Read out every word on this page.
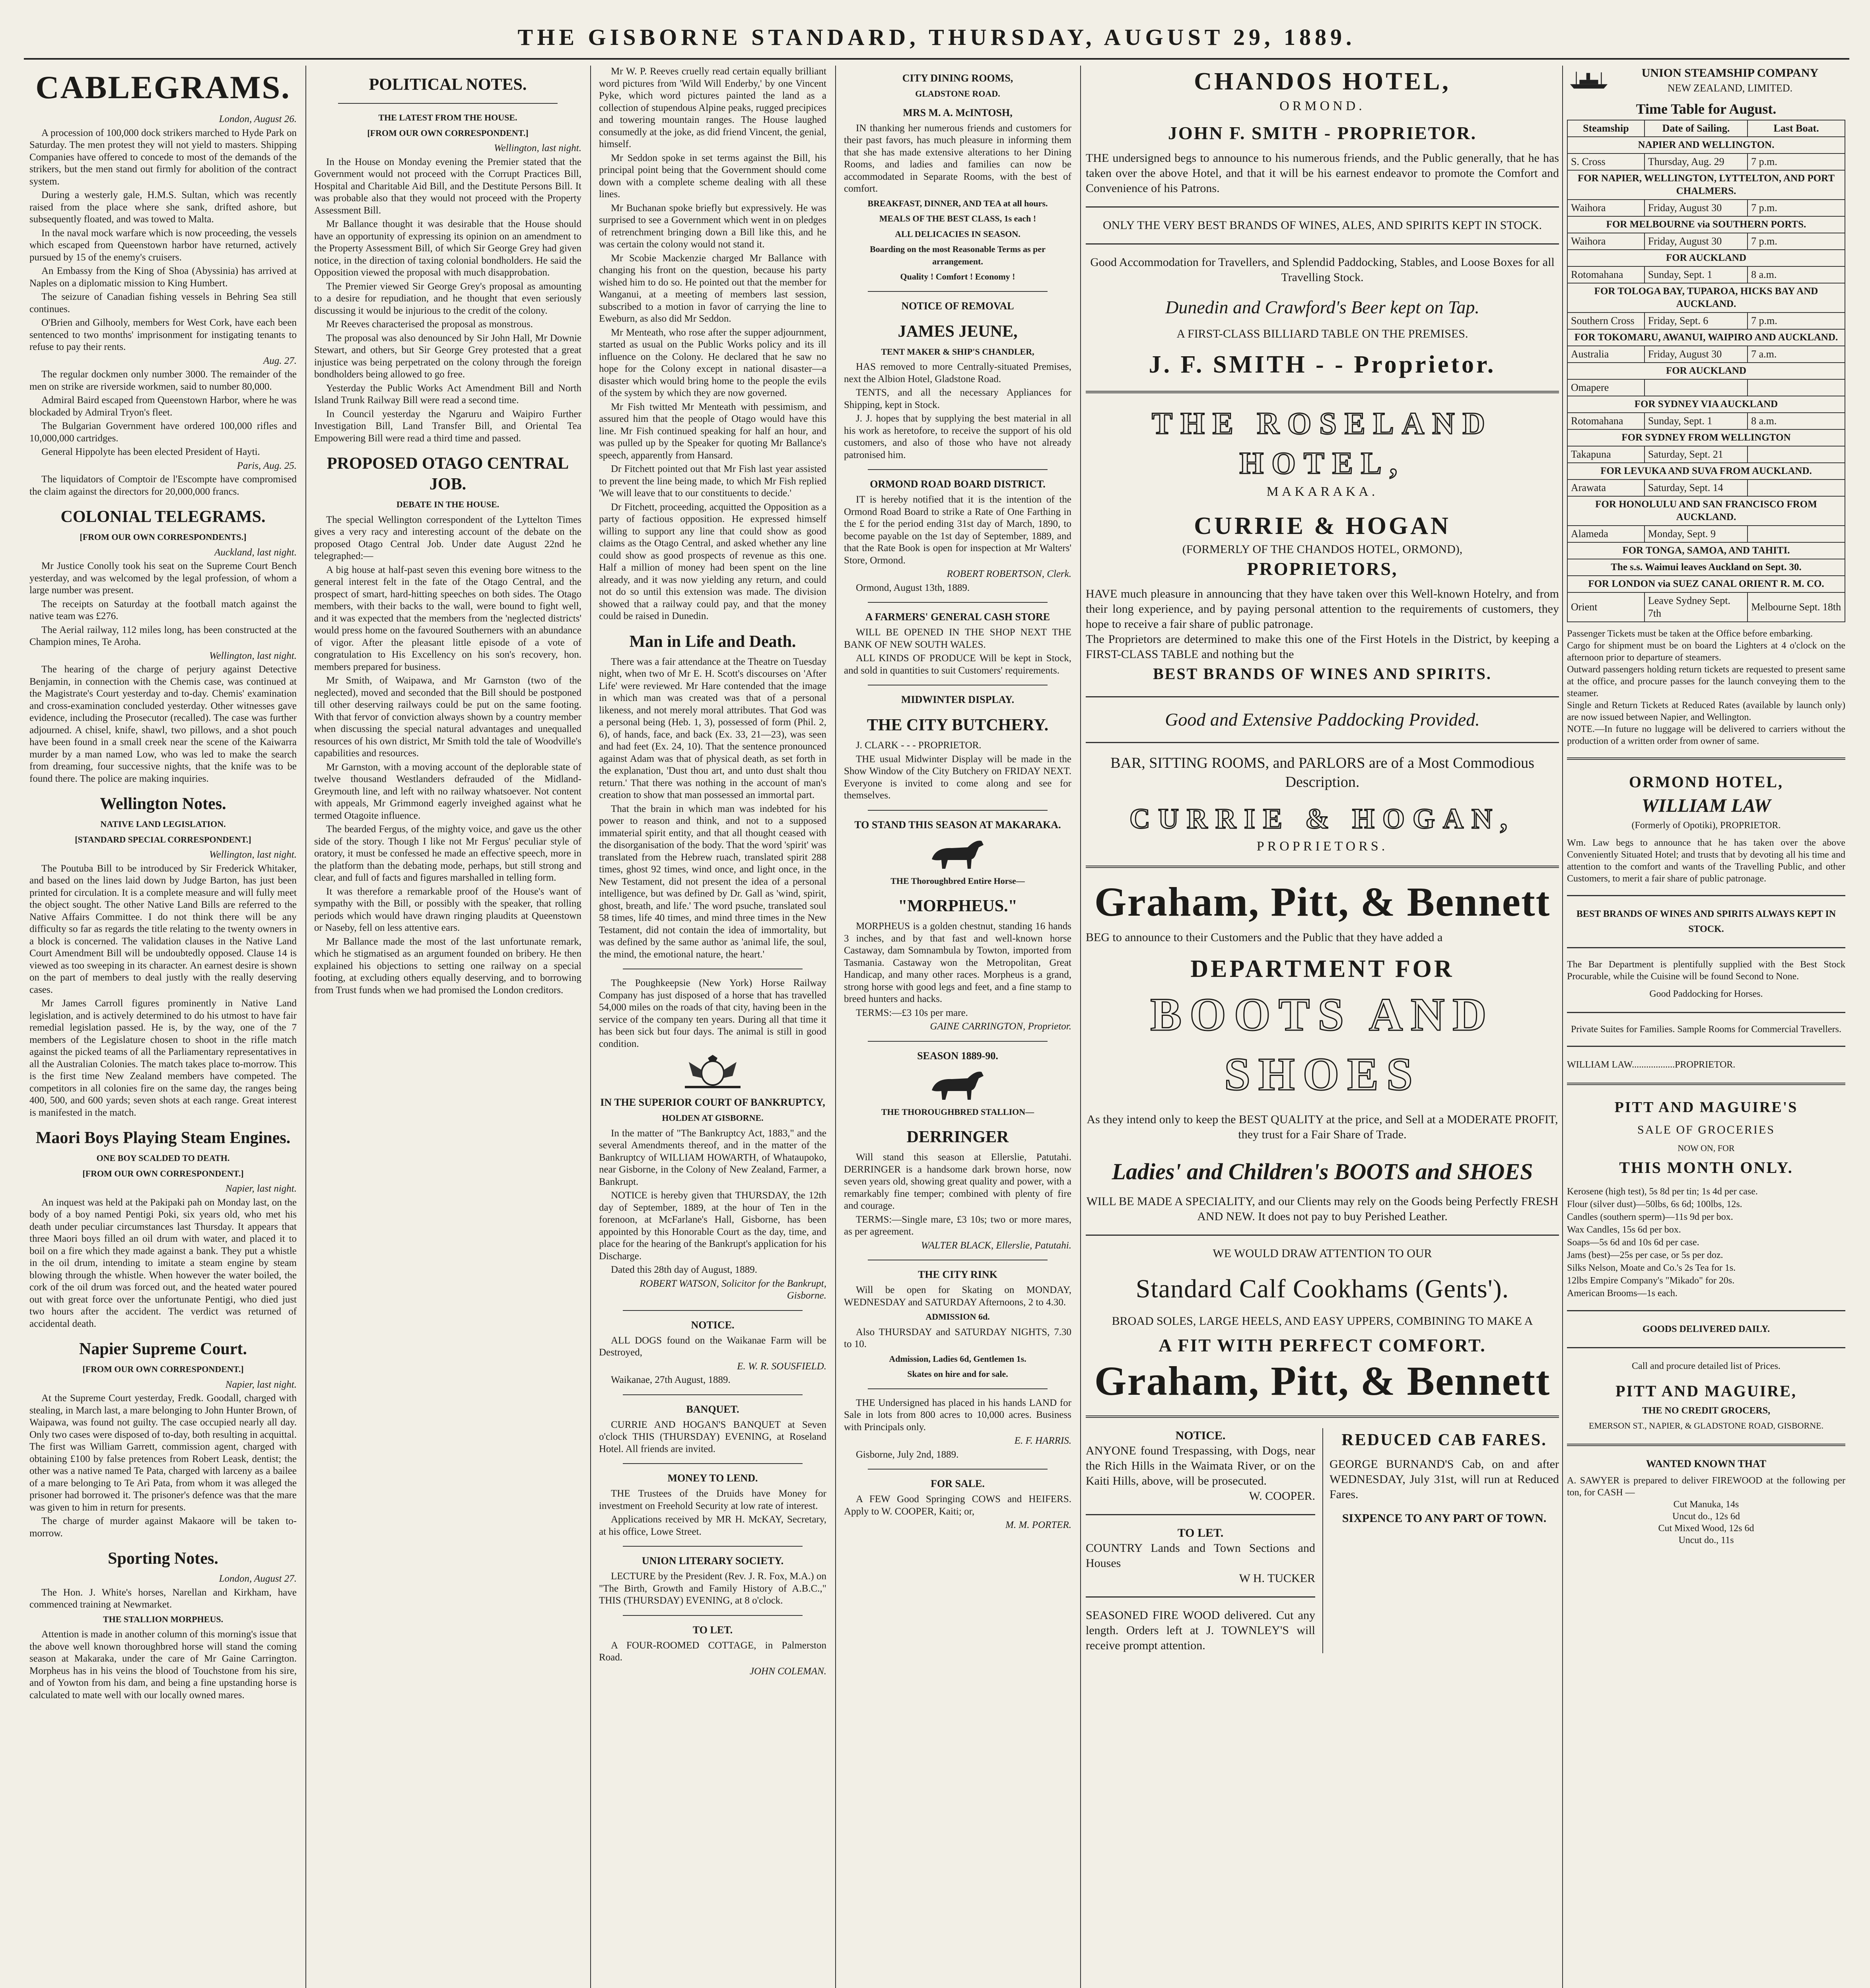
THE GISBORNE STANDARD, THURSDAY, AUGUST 29, 1889.
CABLEGRAMS.

London, August 26.

A procession of 100,000 dock strikers marched to Hyde Park on Saturday. The men protest they will not yield to masters. Shipping Companies have offered to concede to most of the demands of the strikers, but the men stand out firmly for abolition of the contract system.

During a westerly gale, H.M.S. Sultan, which was recently raised from the place where she sank, drifted ashore, but subsequently floated, and was towed to Malta.

In the naval mock warfare which is now proceeding, the vessels which escaped from Queenstown harbor have returned, actively pursued by 15 of the enemy's cruisers.

An Embassy from the King of Shoa (Abyssinia) has arrived at Naples on a diplomatic mission to King Humbert.

The seizure of Canadian fishing vessels in Behring Sea still continues.

O'Brien and Gilhooly, members for West Cork, have each been sentenced to two months' imprisonment for instigating tenants to refuse to pay their rents.

Aug. 27.

The regular dockmen only number 3000. The remainder of the men on strike are riverside workmen, said to number 80,000.

Admiral Baird escaped from Queenstown Harbor, where he was blockaded by Admiral Tryon's fleet.

The Bulgarian Government have ordered 100,000 rifles and 10,000,000 cartridges.

General Hippolyte has been elected President of Hayti.

Paris, Aug. 25.

The liquidators of Comptoir de l'Escompte have compromised the claim against the directors for 20,000,000 francs.

COLONIAL TELEGRAMS.
[FROM OUR OWN CORRESPONDENTS.]

Auckland, last night.

Mr Justice Conolly took his seat on the Supreme Court Bench yesterday, and was welcomed by the legal profession, of whom a large number was present.

The receipts on Saturday at the football match against the native team was £276.

The Aerial railway, 112 miles long, has been constructed at the Champion mines, Te Aroha.

Wellington, last night.

The hearing of the charge of perjury against Detective Benjamin, in connection with the Chemis case, was continued at the Magistrate's Court yesterday and to-day. Chemis' examination and cross-examination concluded yesterday. Other witnesses gave evidence, including the Prosecutor (recalled). The case was further adjourned. A chisel, knife, shawl, two pillows, and a shot pouch have been found in a small creek near the scene of the Kaiwarra murder by a man named Low, who was led to make the search from dreaming, four successive nights, that the knife was to be found there. The police are making inquiries.

Wellington Notes.
NATIVE LAND LEGISLATION.
[STANDARD SPECIAL CORRESPONDENT.]

Wellington, last night.

The Poutuba Bill to be introduced by Sir Frederick Whitaker, and based on the lines laid down by Judge Barton, has just been printed for circulation. It is a complete measure and will fully meet the object sought. The other Native Land Bills are referred to the Native Affairs Committee. I do not think there will be any difficulty so far as regards the title relating to the twenty owners in a block is concerned. The validation clauses in the Native Land Court Amendment Bill will be undoubtedly opposed. Clause 14 is viewed as too sweeping in its character. An earnest desire is shown on the part of members to deal justly with the really deserving cases.

Mr James Carroll figures prominently in Native Land legislation, and is actively determined to do his utmost to have fair remedial legislation passed. He is, by the way, one of the 7 members of the Legislature chosen to shoot in the rifle match against the picked teams of all the Parliamentary representatives in all the Australian Colonies. The match takes place to-morrow. This is the first time New Zealand members have competed. The competitors in all colonies fire on the same day, the ranges being 400, 500, and 600 yards; seven shots at each range. Great interest is manifested in the match.

Maori Boys Playing Steam Engines.
ONE BOY SCALDED TO DEATH.
[FROM OUR OWN CORRESPONDENT.]

Napier, last night.

An inquest was held at the Pakipaki pah on Monday last, on the body of a boy named Pentigi Poki, six years old, who met his death under peculiar circumstances last Thursday. It appears that three Maori boys filled an oil drum with water, and placed it to boil on a fire which they made against a bank. They put a whistle in the oil drum, intending to imitate a steam engine by steam blowing through the whistle. When however the water boiled, the cork of the oil drum was forced out, and the heated water poured out with great force over the unfortunate Pentigi, who died just two hours after the accident. The verdict was returned of accidental death.

Napier Supreme Court.
[FROM OUR OWN CORRESPONDENT.]

Napier, last night.

At the Supreme Court yesterday, Fredk. Goodall, charged with stealing, in March last, a mare belonging to John Hunter Brown, of Waipawa, was found not guilty. The case occupied nearly all day. Only two cases were disposed of to-day, both resulting in acquittal. The first was William Garrett, commission agent, charged with obtaining £100 by false pretences from Robert Leask, dentist; the other was a native named Te Pata, charged with larceny as a bailee of a mare belonging to Te Arì Pata, from whom it was alleged the prisoner had borrowed it. The prisoner's defence was that the mare was given to him in return for presents.

The charge of murder against Makaore will be taken to-morrow.

Sporting Notes.

London, August 27.

The Hon. J. White's horses, Narellan and Kirkham, have commenced training at Newmarket.

THE STALLION MORPHEUS.

Attention is made in another column of this morning's issue that the above well known thoroughbred horse will stand the coming season at Makaraka, under the care of Mr Gaine Carrington. Morpheus has in his veins the blood of Touchstone from his sire, and of Yowton from his dam, and being a fine upstanding horse is calculated to mate well with our locally owned mares.

POLITICAL NOTES.
THE LATEST FROM THE HOUSE.
[FROM OUR OWN CORRESPONDENT.]

Wellington, last night.

In the House on Monday evening the Premier stated that the Government would not proceed with the Corrupt Practices Bill, Hospital and Charitable Aid Bill, and the Destitute Persons Bill. It was probable also that they would not proceed with the Property Assessment Bill.

Mr Ballance thought it was desirable that the House should have an opportunity of expressing its opinion on an amendment to the Property Assessment Bill, of which Sir George Grey had given notice, in the direction of taxing colonial bondholders. He said the Opposition viewed the proposal with much disapprobation.

The Premier viewed Sir George Grey's proposal as amounting to a desire for repudiation, and he thought that even seriously discussing it would be injurious to the credit of the colony.

Mr Reeves characterised the proposal as monstrous.

The proposal was also denounced by Sir John Hall, Mr Downie Stewart, and others, but Sir George Grey protested that a great injustice was being perpetrated on the colony through the foreign bondholders being allowed to go free.

Yesterday the Public Works Act Amendment Bill and North Island Trunk Railway Bill were read a second time.

In Council yesterday the Ngaruru and Waipiro Further Investigation Bill, Land Transfer Bill, and Oriental Tea Empowering Bill were read a third time and passed.

PROPOSED OTAGO CENTRAL JOB.
DEBATE IN THE HOUSE.

The special Wellington correspondent of the Lyttelton Times gives a very racy and interesting account of the debate on the proposed Otago Central Job. Under date August 22nd he telegraphed:—

A big house at half-past seven this evening bore witness to the general interest felt in the fate of the Otago Central, and the prospect of smart, hard-hitting speeches on both sides. The Otago members, with their backs to the wall, were bound to fight well, and it was expected that the members from the 'neglected districts' would press home on the favoured Southerners with an abundance of vigor. After the pleasant little episode of a vote of congratulation to His Excellency on his son's recovery, hon. members prepared for business.

Mr Smith, of Waipawa, and Mr Garnston (two of the neglected), moved and seconded that the Bill should be postponed till other deserving railways could be put on the same footing. With that fervor of conviction always shown by a country member when discussing the special natural advantages and unequalled resources of his own district, Mr Smith told the tale of Woodville's capabilities and resources.

Mr Garnston, with a moving account of the deplorable state of twelve thousand Westlanders defrauded of the Midland-Greymouth line, and left with no railway whatsoever. Not content with appeals, Mr Grimmond eagerly inveighed against what he termed Otagoite influence.

The bearded Fergus, of the mighty voice, and gave us the other side of the story. Though I like not Mr Fergus' peculiar style of oratory, it must be confessed he made an effective speech, more in the platform than the debating mode, perhaps, but still strong and clear, and full of facts and figures marshalled in telling form.

It was therefore a remarkable proof of the House's want of sympathy with the Bill, or possibly with the speaker, that rolling periods which would have drawn ringing plaudits at Queenstown or Naseby, fell on less attentive ears.

Mr Ballance made the most of the last unfortunate remark, which he stigmatised as an argument founded on bribery. He then explained his objections to setting one railway on a special footing, at excluding others equally deserving, and to borrowing from Trust funds when we had promised the London creditors.

Mr W. P. Reeves cruelly read certain equally brilliant word pictures from 'Wild Will Enderby,' by one Vincent Pyke, which word pictures painted the land as a collection of stupendous Alpine peaks, rugged precipices and towering mountain ranges. The House laughed consumedly at the joke, as did friend Vincent, the genial, himself.

Mr Seddon spoke in set terms against the Bill, his principal point being that the Government should come down with a complete scheme dealing with all these lines.

Mr Buchanan spoke briefly but expressively. He was surprised to see a Government which went in on pledges of retrenchment bringing down a Bill like this, and he was certain the colony would not stand it.

Mr Scobie Mackenzie charged Mr Ballance with changing his front on the question, because his party wished him to do so. He pointed out that the member for Wanganui, at a meeting of members last session, subscribed to a motion in favor of carrying the line to Eweburn, as also did Mr Seddon.

Mr Menteath, who rose after the supper adjournment, started as usual on the Public Works policy and its ill influence on the Colony. He declared that he saw no hope for the Colony except in national disaster—a disaster which would bring home to the people the evils of the system by which they are now governed.

Mr Fish twitted Mr Menteath with pessimism, and assured him that the people of Otago would have this line. Mr Fish continued speaking for half an hour, and was pulled up by the Speaker for quoting Mr Ballance's speech, apparently from Hansard.

Dr Fitchett pointed out that Mr Fish last year assisted to prevent the line being made, to which Mr Fish replied 'We will leave that to our constituents to decide.'

Dr Fitchett, proceeding, acquitted the Opposition as a party of factious opposition. He expressed himself willing to support any line that could show as good claims as the Otago Central, and asked whether any line could show as good prospects of revenue as this one. Half a million of money had been spent on the line already, and it was now yielding any return, and could not do so until this extension was made. The division showed that a railway could pay, and that the money could be raised in Dunedin.

Man in Life and Death.

There was a fair attendance at the Theatre on Tuesday night, when two of Mr E. H. Scott's discourses on 'After Life' were reviewed. Mr Hare contended that the image in which man was created was that of a personal likeness, and not merely moral attributes. That God was a personal being (Heb. 1, 3), possessed of form (Phil. 2, 6), of hands, face, and back (Ex. 33, 21—23), was seen and had feet (Ex. 24, 10). That the sentence pronounced against Adam was that of physical death, as set forth in the explanation, 'Dust thou art, and unto dust shalt thou return.' That there was nothing in the account of man's creation to show that man possessed an immortal part.

That the brain in which man was indebted for his power to reason and think, and not to a supposed immaterial spirit entity, and that all thought ceased with the disorganisation of the body. That the word 'spirit' was translated from the Hebrew ruach, translated spirit 288 times, ghost 92 times, wind once, and light once, in the New Testament, did not present the idea of a personal intelligence, but was defined by Dr. Gall as 'wind, spirit, ghost, breath, and life.' The word psuche, translated soul 58 times, life 40 times, and mind three times in the New Testament, did not contain the idea of immortality, but was defined by the same author as 'animal life, the soul, the mind, the emotional nature, the heart.'

The Poughkeepsie (New York) Horse Railway Company has just disposed of a horse that has travelled 54,000 miles on the roads of that city, having been in the service of the company ten years. During all that time it has been sick but four days. The animal is still in good condition.

IN THE SUPERIOR COURT OF BANKRUPTCY,
HOLDEN AT GISBORNE.

In the matter of "The Bankruptcy Act, 1883," and the several Amendments thereof, and in the matter of the Bankruptcy of WILLIAM HOWARTH, of Whataupoko, near Gisborne, in the Colony of New Zealand, Farmer, a Bankrupt.

NOTICE is hereby given that THURSDAY, the 12th day of September, 1889, at the hour of Ten in the forenoon, at McFarlane's Hall, Gisborne, has been appointed by this Honorable Court as the day, time, and place for the hearing of the Bankrupt's application for his Discharge.

Dated this 28th day of August, 1889.

ROBERT WATSON, Solicitor for the Bankrupt, Gisborne.

NOTICE.

ALL DOGS found on the Waikanae Farm will be Destroyed,

E. W. R. SOUSFIELD.

Waikanae, 27th August, 1889.

BANQUET.

CURRIE AND HOGAN'S BANQUET at Seven o'clock THIS (THURSDAY) EVENING, at Roseland Hotel. All friends are invited.

MONEY TO LEND.

THE Trustees of the Druids have Money for investment on Freehold Security at low rate of interest.

Applications received by MR H. McKAY, Secretary, at his office, Lowe Street.

UNION LITERARY SOCIETY.

LECTURE by the President (Rev. J. R. Fox, M.A.) on "The Birth, Growth and Family History of A.B.C.," THIS (THURSDAY) EVENING, at 8 o'clock.

TO LET.

A FOUR-ROOMED COTTAGE, in Palmerston Road.

JOHN COLEMAN.

CITY DINING ROOMS,
GLADSTONE ROAD.
MRS M. A. McINTOSH,

IN thanking her numerous friends and customers for their past favors, has much pleasure in informing them that she has made extensive alterations to her Dining Rooms, and ladies and families can now be accommodated in Separate Rooms, with the best of comfort.

BREAKFAST, DINNER, AND TEA at all hours.
MEALS OF THE BEST CLASS, 1s each !
ALL DELICACIES IN SEASON.
Boarding on the most Reasonable Terms as per arrangement.
Quality ! Comfort ! Economy !
NOTICE OF REMOVAL
JAMES JEUNE,
TENT MAKER & SHIP'S CHANDLER,

HAS removed to more Centrally-situated Premises, next the Albion Hotel, Gladstone Road.

TENTS, and all the necessary Appliances for Shipping, kept in Stock.

J. J. hopes that by supplying the best material in all his work as heretofore, to receive the support of his old customers, and also of those who have not already patronised him.

ORMOND ROAD BOARD DISTRICT.

IT is hereby notified that it is the intention of the Ormond Road Board to strike a Rate of One Farthing in the £ for the period ending 31st day of March, 1890, to become payable on the 1st day of September, 1889, and that the Rate Book is open for inspection at Mr Walters' Store, Ormond.

ROBERT ROBERTSON, Clerk.

Ormond, August 13th, 1889.

A FARMERS' GENERAL CASH STORE

WILL BE OPENED IN THE SHOP NEXT THE BANK OF NEW SOUTH WALES.

ALL KINDS OF PRODUCE Will be kept in Stock, and sold in quantities to suit Customers' requirements.

MIDWINTER DISPLAY.
THE CITY BUTCHERY.

J. CLARK - - - PROPRIETOR.

THE usual Midwinter Display will be made in the Show Window of the City Butchery on FRIDAY NEXT. Everyone is invited to come along and see for themselves.

TO STAND THIS SEASON AT MAKARAKA.
THE Thoroughbred Entire Horse—
"MORPHEUS."

MORPHEUS is a golden chestnut, standing 16 hands 3 inches, and by that fast and well-known horse Castaway, dam Somnambula by Towton, imported from Tasmania. Castaway won the Metropolitan, Great Handicap, and many other races. Morpheus is a grand, strong horse with good legs and feet, and a fine stamp to breed hunters and hacks.

TERMS:—£3 10s per mare.

GAINE CARRINGTON, Proprietor.

SEASON 1889-90.
THE THOROUGHBRED STALLION—
DERRINGER

Will stand this season at Ellerslie, Patutahi. DERRINGER is a handsome dark brown horse, now seven years old, showing great quality and power, with a remarkably fine temper; combined with plenty of fire and courage.

TERMS:—Single mare, £3 10s; two or more mares, as per agreement.

WALTER BLACK, Ellerslie, Patutahi.

THE CITY RINK

Will be open for Skating on MONDAY, WEDNESDAY and SATURDAY Afternoons, 2 to 4.30.

ADMISSION 6d.

Also THURSDAY and SATURDAY NIGHTS, 7.30 to 10.

Admission, Ladies 6d, Gentlemen 1s.
Skates on hire and for sale.

THE Undersigned has placed in his hands LAND for Sale in lots from 800 acres to 10,000 acres. Business with Principals only.

E. F. HARRIS.

Gisborne, July 2nd, 1889.

FOR SALE.

A FEW Good Springing COWS and HEIFERS. Apply to W. COOPER, Kaiti; or,

M. M. PORTER.

CHANDOS HOTEL,
ORMOND.
JOHN F. SMITH - PROPRIETOR.

THE undersigned begs to announce to his numerous friends, and the Public generally, that he has taken over the above Hotel, and that it will be his earnest endeavor to promote the Comfort and Convenience of his Patrons.

ONLY THE VERY BEST BRANDS OF WINES, ALES, AND SPIRITS KEPT IN STOCK.
Good Accommodation for Travellers, and Splendid Paddocking, Stables, and Loose Boxes for all Travelling Stock.
Dunedin and Crawford's Beer kept on Tap.
A FIRST-CLASS BILLIARD TABLE ON THE PREMISES.
J. F. SMITH - - Proprietor.
THE ROSELAND HOTEL,
MAKARAKA.
CURRIE & HOGAN
(FORMERLY OF THE CHANDOS HOTEL, ORMOND),
PROPRIETORS,

HAVE much pleasure in announcing that they have taken over this Well-known Hotelry, and from their long experience, and by paying personal attention to the requirements of customers, they hope to receive a fair share of public patronage.

The Proprietors are determined to make this one of the First Hotels in the District, by keeping a FIRST-CLASS TABLE and nothing but the

BEST BRANDS OF WINES AND SPIRITS.
Good and Extensive Paddocking Provided.
BAR, SITTING ROOMS, and PARLORS are of a Most Commodious Description.
CURRIE & HOGAN,
PROPRIETORS.
Graham, Pitt, & Bennett

BEG to announce to their Customers and the Public that they have added a

DEPARTMENT FOR
BOOTS AND SHOES

As they intend only to keep the BEST QUALITY at the price, and Sell at a MODERATE PROFIT, they trust for a Fair Share of Trade.

Ladies' and Children's BOOTS and SHOES

WILL BE MADE A SPECIALITY, and our Clients may rely on the Goods being Perfectly FRESH AND NEW. It does not pay to buy Perished Leather.

WE WOULD DRAW ATTENTION TO OUR
Standard Calf Cookhams (Gents').

BROAD SOLES, LARGE HEELS, AND EASY UPPERS, COMBINING TO MAKE A

A FIT WITH PERFECT COMFORT.
Graham, Pitt, & Bennett
NOTICE.

ANYONE found Trespassing, with Dogs, near the Rich Hills in the Waimata River, or on the Kaiti Hills, above, will be prosecuted.

W. COOPER.

TO LET.

COUNTRY Lands and Town Sections and Houses

W H. TUCKER

SEASONED FIRE WOOD delivered. Cut any length. Orders left at J. TOWNLEY'S will receive prompt attention.

REDUCED CAB FARES.

GEORGE BURNAND'S Cab, on and after WEDNESDAY, July 31st, will run at Reduced Fares.

SIXPENCE TO ANY PART OF TOWN.
UNION STEAMSHIP COMPANY
NEW ZEALAND, LIMITED.
Time Table for August.
Steamship	Date of Sailing.	Last Boat.
NAPIER AND WELLINGTON.		
S. Cross	Thursday, Aug. 29	7 p.m.
FOR NAPIER, WELLINGTON, LYTTELTON, AND PORT CHALMERS.		
Waihora	Friday, August 30	7 p.m.
FOR MELBOURNE via SOUTHERN PORTS.		
Waihora	Friday, August 30	7 p.m.
FOR AUCKLAND		
Rotomahana	Sunday, Sept. 1	8 a.m.
FOR TOLOGA BAY, TUPAROA, HICKS BAY AND AUCKLAND.		
Southern Cross	Friday, Sept. 6	7 p.m.
FOR TOKOMARU, AWANUI, WAIPIRO AND AUCKLAND.		
Australia	Friday, August 30	7 a.m.
FOR AUCKLAND		
Omapere		
FOR SYDNEY VIA AUCKLAND		
Rotomahana	Sunday, Sept. 1	8 a.m.
FOR SYDNEY FROM WELLINGTON		
Takapuna	Saturday, Sept. 21	
FOR LEVUKA AND SUVA FROM AUCKLAND.		
Arawata	Saturday, Sept. 14	
FOR HONOLULU AND SAN FRANCISCO FROM AUCKLAND.		
Alameda	Monday, Sept. 9	
FOR TONGA, SAMOA, AND TAHITI.		
The s.s. Waimui leaves Auckland on Sept. 30.		
FOR LONDON via SUEZ CANAL ORIENT R. M. CO.		
Orient	Leave Sydney Sept. 7th	Melbourne Sept. 18th

Passenger Tickets must be taken at the Office before embarking.

Cargo for shipment must be on board the Lighters at 4 o'clock on the afternoon prior to departure of steamers.

Outward passengers holding return tickets are requested to present same at the office, and procure passes for the launch conveying them to the steamer.

Single and Return Tickets at Reduced Rates (available by launch only) are now issued between Napier, and Wellington.

NOTE.—In future no luggage will be delivered to carriers without the production of a written order from owner of same.

ORMOND HOTEL,
WILLIAM LAW
(Formerly of Opotiki), PROPRIETOR.

Wm. Law begs to announce that he has taken over the above Conveniently Situated Hotel; and trusts that by devoting all his time and attention to the comfort and wants of the Travelling Public, and other Customers, to merit a fair share of public patronage.

BEST BRANDS OF WINES AND SPIRITS ALWAYS KEPT IN STOCK.

The Bar Department is plentifully supplied with the Best Stock Procurable, while the Cuisine will be found Second to None.

Good Paddocking for Horses.

Private Suites for Families. Sample Rooms for Commercial Travellers.

WILLIAM LAW..................PROPRIETOR.
PITT AND MAGUIRE'S
SALE OF GROCERIES
NOW ON, FOR
THIS MONTH ONLY.
Kerosene (high test), 5s 8d per tin; 1s 4d per case.
Flour (silver dust)—50lbs, 6s 6d; 100lbs, 12s.
Candles (southern sperm)—11s 9d per box.
Wax Candles, 15s 6d per box.
Soaps—5s 6d and 10s 6d per case.
Jams (best)—25s per case, or 5s per doz.
Silks Nelson, Moate and Co.'s 2s Tea for 1s.
12lbs Empire Company's "Mikado" for 20s.
American Brooms—1s each.
GOODS DELIVERED DAILY.
Call and procure detailed list of Prices.
PITT AND MAGUIRE,
THE NO CREDIT GROCERS,
EMERSON ST., NAPIER, & GLADSTONE ROAD, GISBORNE.
WANTED KNOWN THAT

A. SAWYER is prepared to deliver FIREWOOD at the following per ton, for CASH —

Cut Manuka, 14s
Uncut do., 12s 6d
Cut Mixed Wood, 12s 6d
Uncut do., 11s
